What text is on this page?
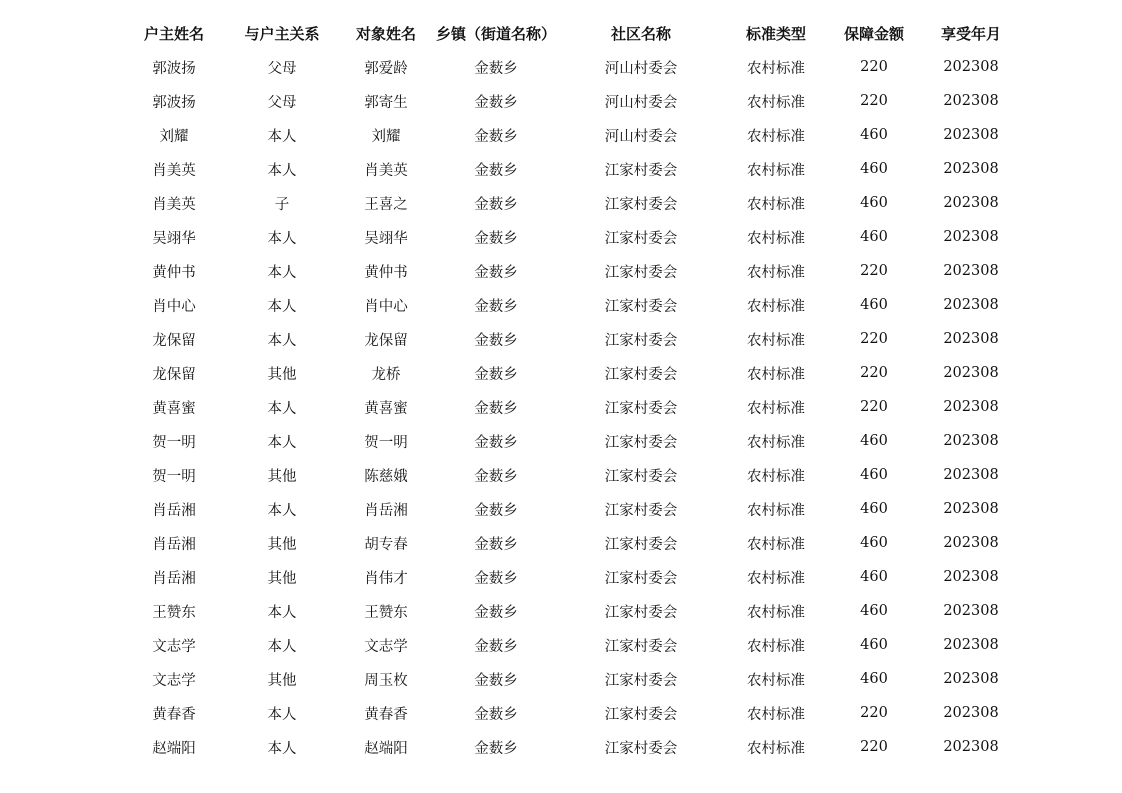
户主姓名	与户主关系	对象姓名	乡镇（街道名称）	社区名称	标准类型	保障金额	享受年月
郭波扬	父母	郭爱龄	金薮乡	河山村委会	农村标准	220	202308
郭波扬	父母	郭寄生	金薮乡	河山村委会	农村标准	220	202308
刘耀	本人	刘耀	金薮乡	河山村委会	农村标准	460	202308
肖美英	本人	肖美英	金薮乡	江家村委会	农村标准	460	202308
肖美英	子	王喜之	金薮乡	江家村委会	农村标准	460	202308
吴翊华	本人	吴翊华	金薮乡	江家村委会	农村标准	460	202308
黄仲书	本人	黄仲书	金薮乡	江家村委会	农村标准	220	202308
肖中心	本人	肖中心	金薮乡	江家村委会	农村标准	460	202308
龙保留	本人	龙保留	金薮乡	江家村委会	农村标准	220	202308
龙保留	其他	龙桥	金薮乡	江家村委会	农村标准	220	202308
黄喜蜜	本人	黄喜蜜	金薮乡	江家村委会	农村标准	220	202308
贺一明	本人	贺一明	金薮乡	江家村委会	农村标准	460	202308
贺一明	其他	陈慈娥	金薮乡	江家村委会	农村标准	460	202308
肖岳湘	本人	肖岳湘	金薮乡	江家村委会	农村标准	460	202308
肖岳湘	其他	胡专春	金薮乡	江家村委会	农村标准	460	202308
肖岳湘	其他	肖伟才	金薮乡	江家村委会	农村标准	460	202308
王赞东	本人	王赞东	金薮乡	江家村委会	农村标准	460	202308
文志学	本人	文志学	金薮乡	江家村委会	农村标准	460	202308
文志学	其他	周玉枚	金薮乡	江家村委会	农村标准	460	202308
黄春香	本人	黄春香	金薮乡	江家村委会	农村标准	220	202308
赵端阳	本人	赵端阳	金薮乡	江家村委会	农村标准	220	202308
